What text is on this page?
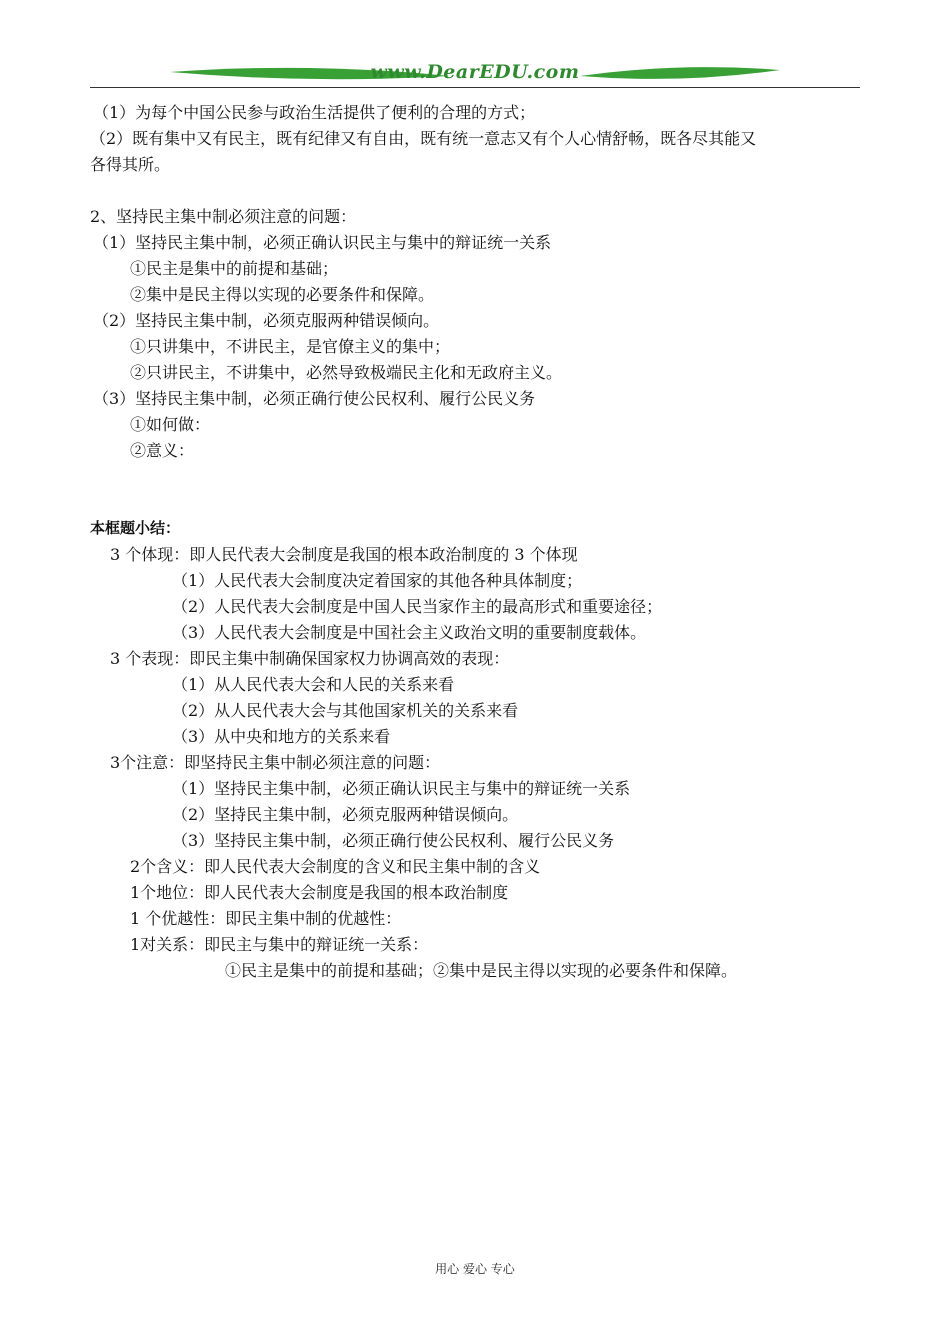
www.DearEDU.com
（1）为每个中国公民参与政治生活提供了便利的合理的方式；
（2）既有集中又有民主，既有纪律又有自由，既有统一意志又有个人心情舒畅，既各尽其能又
各得其所。
2、坚持民主集中制必须注意的问题：
（1）坚持民主集中制，必须正确认识民主与集中的辩证统一关系
①民主是集中的前提和基础；
②集中是民主得以实现的必要条件和保障。
（2）坚持民主集中制，必须克服两种错误倾向。
①只讲集中，不讲民主，是官僚主义的集中；
②只讲民主，不讲集中，必然导致极端民主化和无政府主义。
（3）坚持民主集中制，必须正确行使公民权利、履行公民义务
①如何做：
②意义：
本框题小结：
3 个体现：即人民代表大会制度是我国的根本政治制度的 3 个体现
（1）人民代表大会制度决定着国家的其他各种具体制度；
（2）人民代表大会制度是中国人民当家作主的最高形式和重要途径；
（3）人民代表大会制度是中国社会主义政治文明的重要制度载体。
3 个表现：即民主集中制确保国家权力协调高效的表现：
（1）从人民代表大会和人民的关系来看
（2）从人民代表大会与其他国家机关的关系来看
（3）从中央和地方的关系来看
3个注意：即坚持民主集中制必须注意的问题：
（1）坚持民主集中制，必须正确认识民主与集中的辩证统一关系
（2）坚持民主集中制，必须克服两种错误倾向。
（3）坚持民主集中制，必须正确行使公民权利、履行公民义务
2个含义：即人民代表大会制度的含义和民主集中制的含义
1个地位：即人民代表大会制度是我国的根本政治制度
1 个优越性：即民主集中制的优越性：
1对关系：即民主与集中的辩证统一关系：
①民主是集中的前提和基础；②集中是民主得以实现的必要条件和保障。
用心 爱心 专心
